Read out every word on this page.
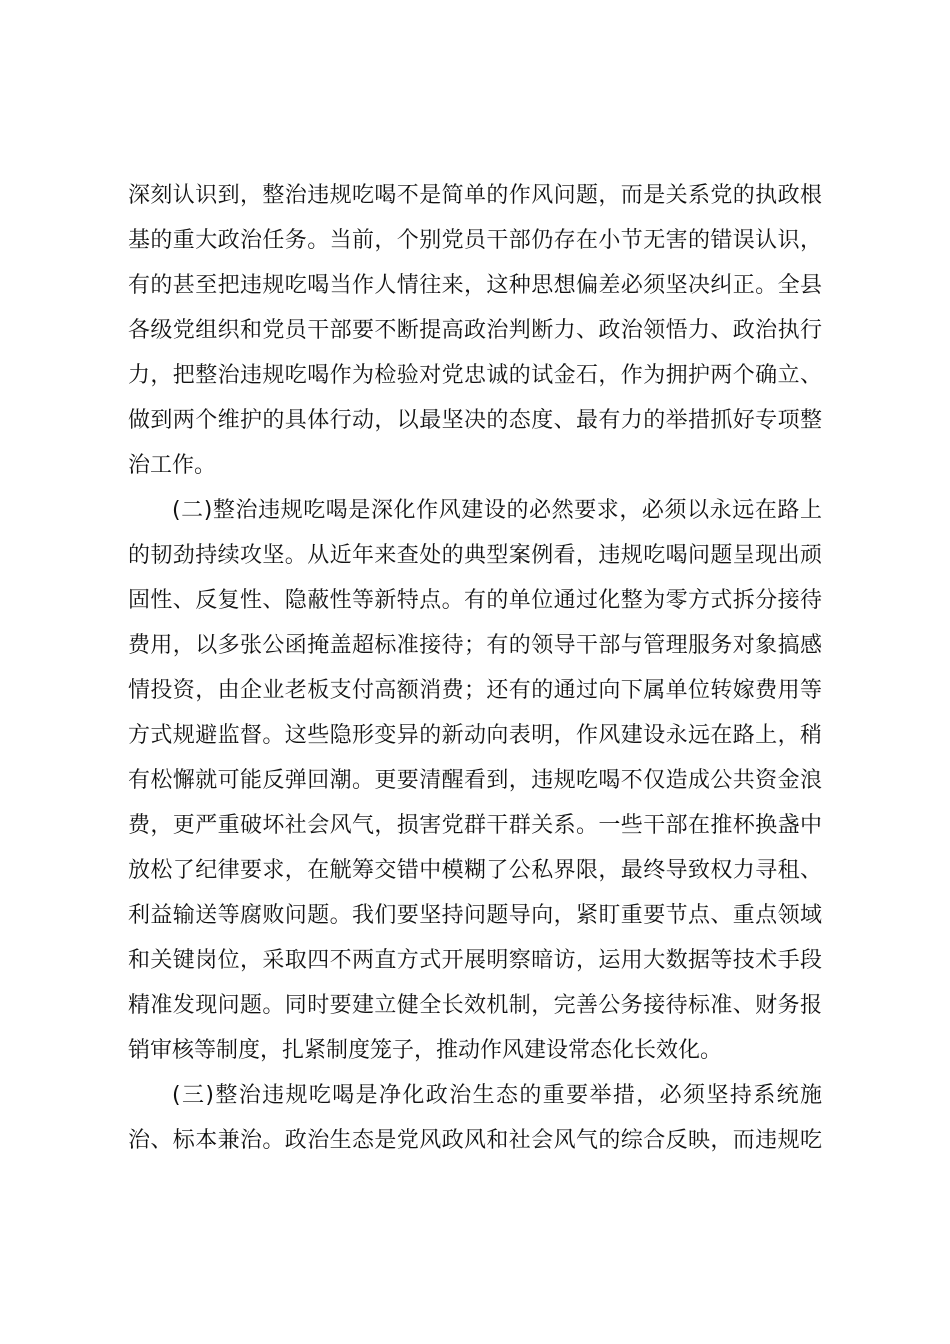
深刻认识到，整治违规吃喝不是简单的作风问题，而是关系党的执政根
基的重大政治任务。当前，个别党员干部仍存在小节无害的错误认识，
有的甚至把违规吃喝当作人情往来，这种思想偏差必须坚决纠正。全县
各级党组织和党员干部要不断提高政治判断力、政治领悟力、政治执行
力，把整治违规吃喝作为检验对党忠诚的试金石，作为拥护两个确立、
做到两个维护的具体行动，以最坚决的态度、最有力的举措抓好专项整
治工作。
(二)整治违规吃喝是深化作风建设的必然要求，必须以永远在路上
的韧劲持续攻坚。从近年来查处的典型案例看，违规吃喝问题呈现出顽
固性、反复性、隐蔽性等新特点。有的单位通过化整为零方式拆分接待
费用，以多张公函掩盖超标准接待；有的领导干部与管理服务对象搞感
情投资，由企业老板支付高额消费；还有的通过向下属单位转嫁费用等
方式规避监督。这些隐形变异的新动向表明，作风建设永远在路上，稍
有松懈就可能反弹回潮。更要清醒看到，违规吃喝不仅造成公共资金浪
费，更严重破坏社会风气，损害党群干群关系。一些干部在推杯换盏中
放松了纪律要求，在觥筹交错中模糊了公私界限，最终导致权力寻租、
利益输送等腐败问题。我们要坚持问题导向，紧盯重要节点、重点领域
和关键岗位，采取四不两直方式开展明察暗访，运用大数据等技术手段
精准发现问题。同时要建立健全长效机制，完善公务接待标准、财务报
销审核等制度，扎紧制度笼子，推动作风建设常态化长效化。
(三)整治违规吃喝是净化政治生态的重要举措，必须坚持系统施
治、标本兼治。政治生态是党风政风和社会风气的综合反映，而违规吃
